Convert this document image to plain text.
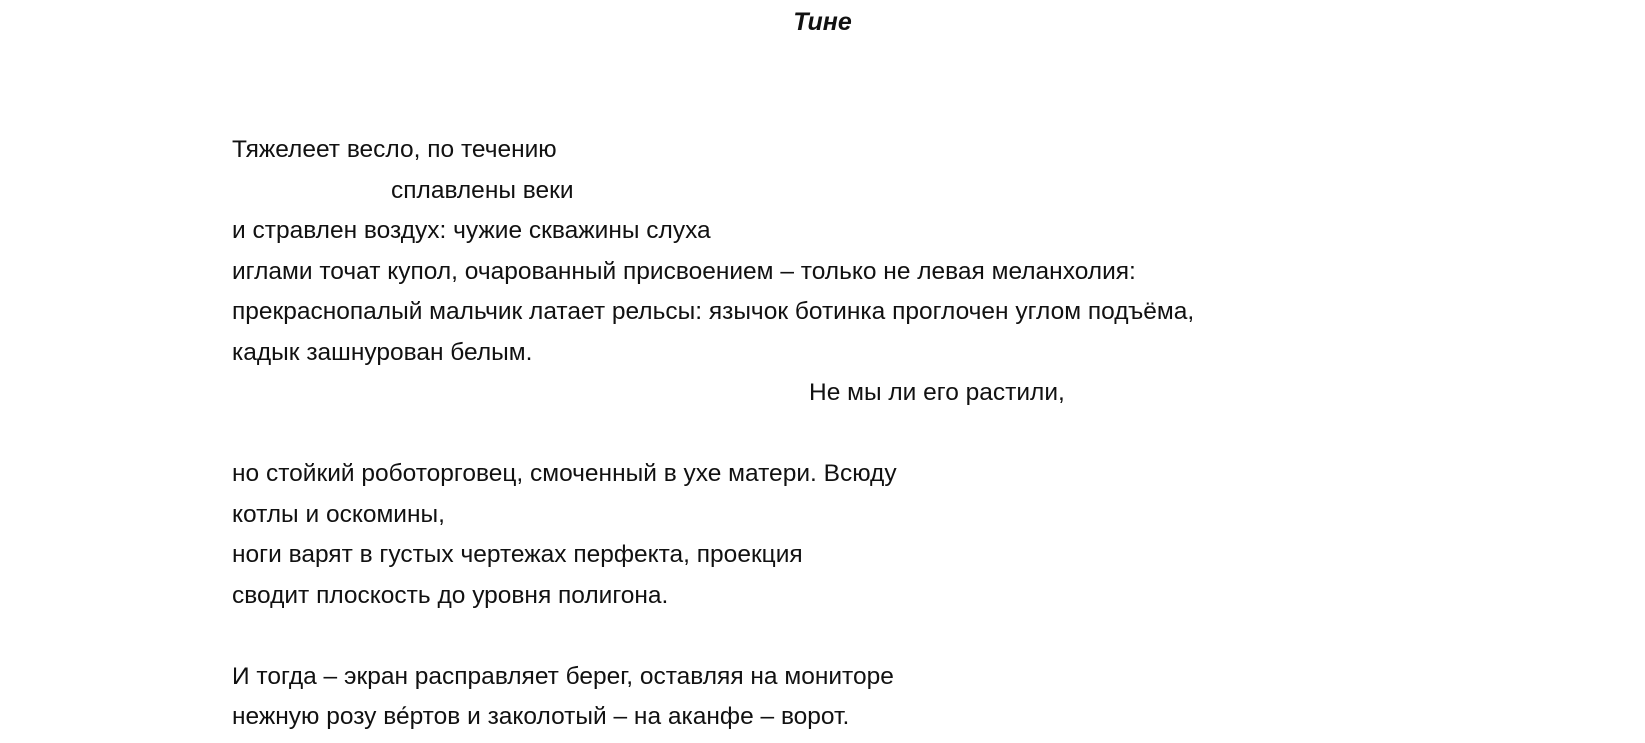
Тине
Тяжелеет весло, по течению
сплавлены веки
и стравлен воздух: чужие скважины слуха
иглами точат купол, очарованный присвоением – только не левая меланхолия:
прекраснопалый мальчик латает рельсы: язычок ботинка проглочен углом подъёма,
кадык зашнурован белым.
Не мы ли его растили,
но стойкий роботорговец, смоченный в ухе матери. Всюду
котлы и оскомины,
ноги варят в густых чертежах перфекта, проекция
сводит плоскость до уровня полигона.
И тогда – экран расправляет берег, оставляя на мониторе
нежную розу ве́ртов и заколотый – на аканфе – ворот.
